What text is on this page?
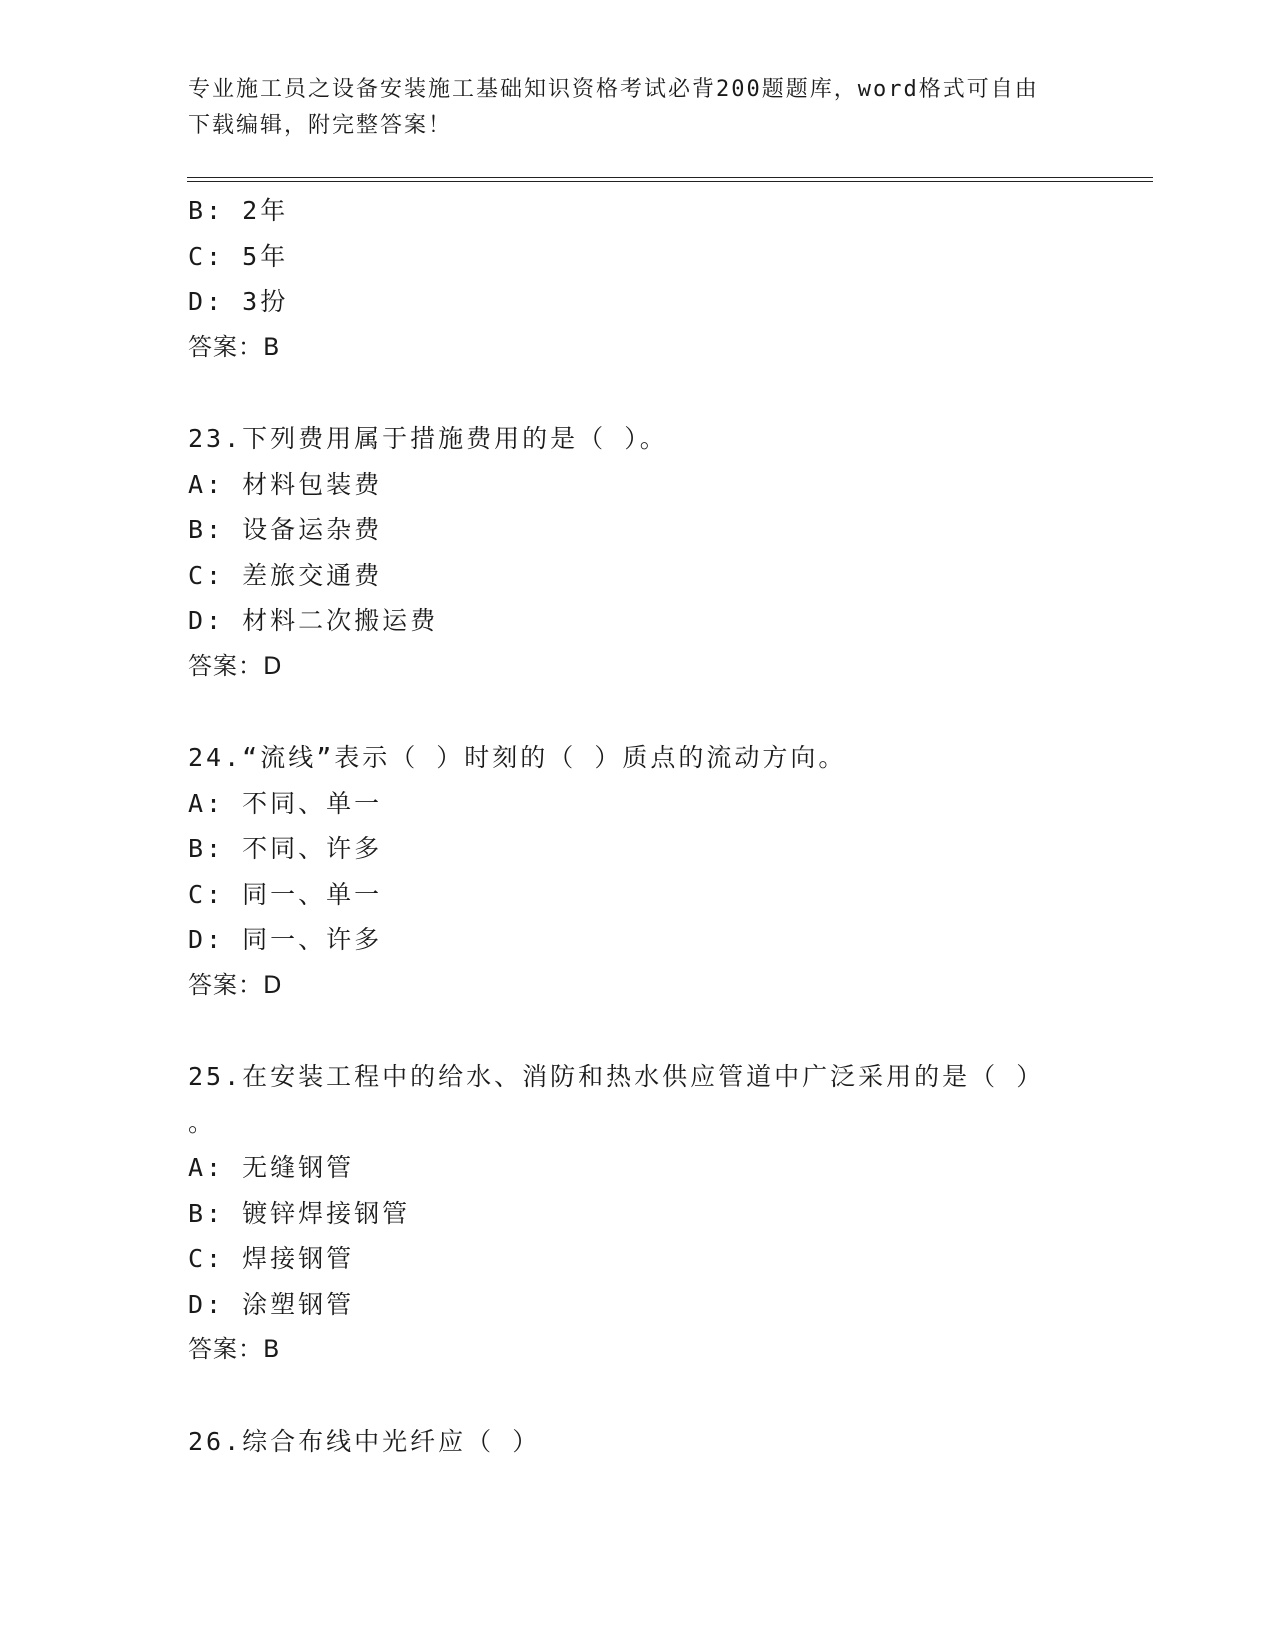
专业施工员之设备安装施工基础知识资格考试必背200题题库，word格式可自由
下载编辑，附完整答案！
B: 2年
C: 5年
D: 3扮
答案：B
23.下列费用属于措施费用的是（ ）。
A: 材料包装费
B: 设备运杂费
C: 差旅交通费
D: 材料二次搬运费
答案：D
24.“流线”表示（ ）时刻的（ ）质点的流动方向。
A: 不同、单一
B: 不同、许多
C: 同一、单一
D: 同一、许多
答案：D
25.在安装工程中的给水、消防和热水供应管道中广泛采用的是（ ）
。
A: 无缝钢管
B: 镀锌焊接钢管
C: 焊接钢管
D: 涂塑钢管
答案：B
26.综合布线中光纤应（ ）
